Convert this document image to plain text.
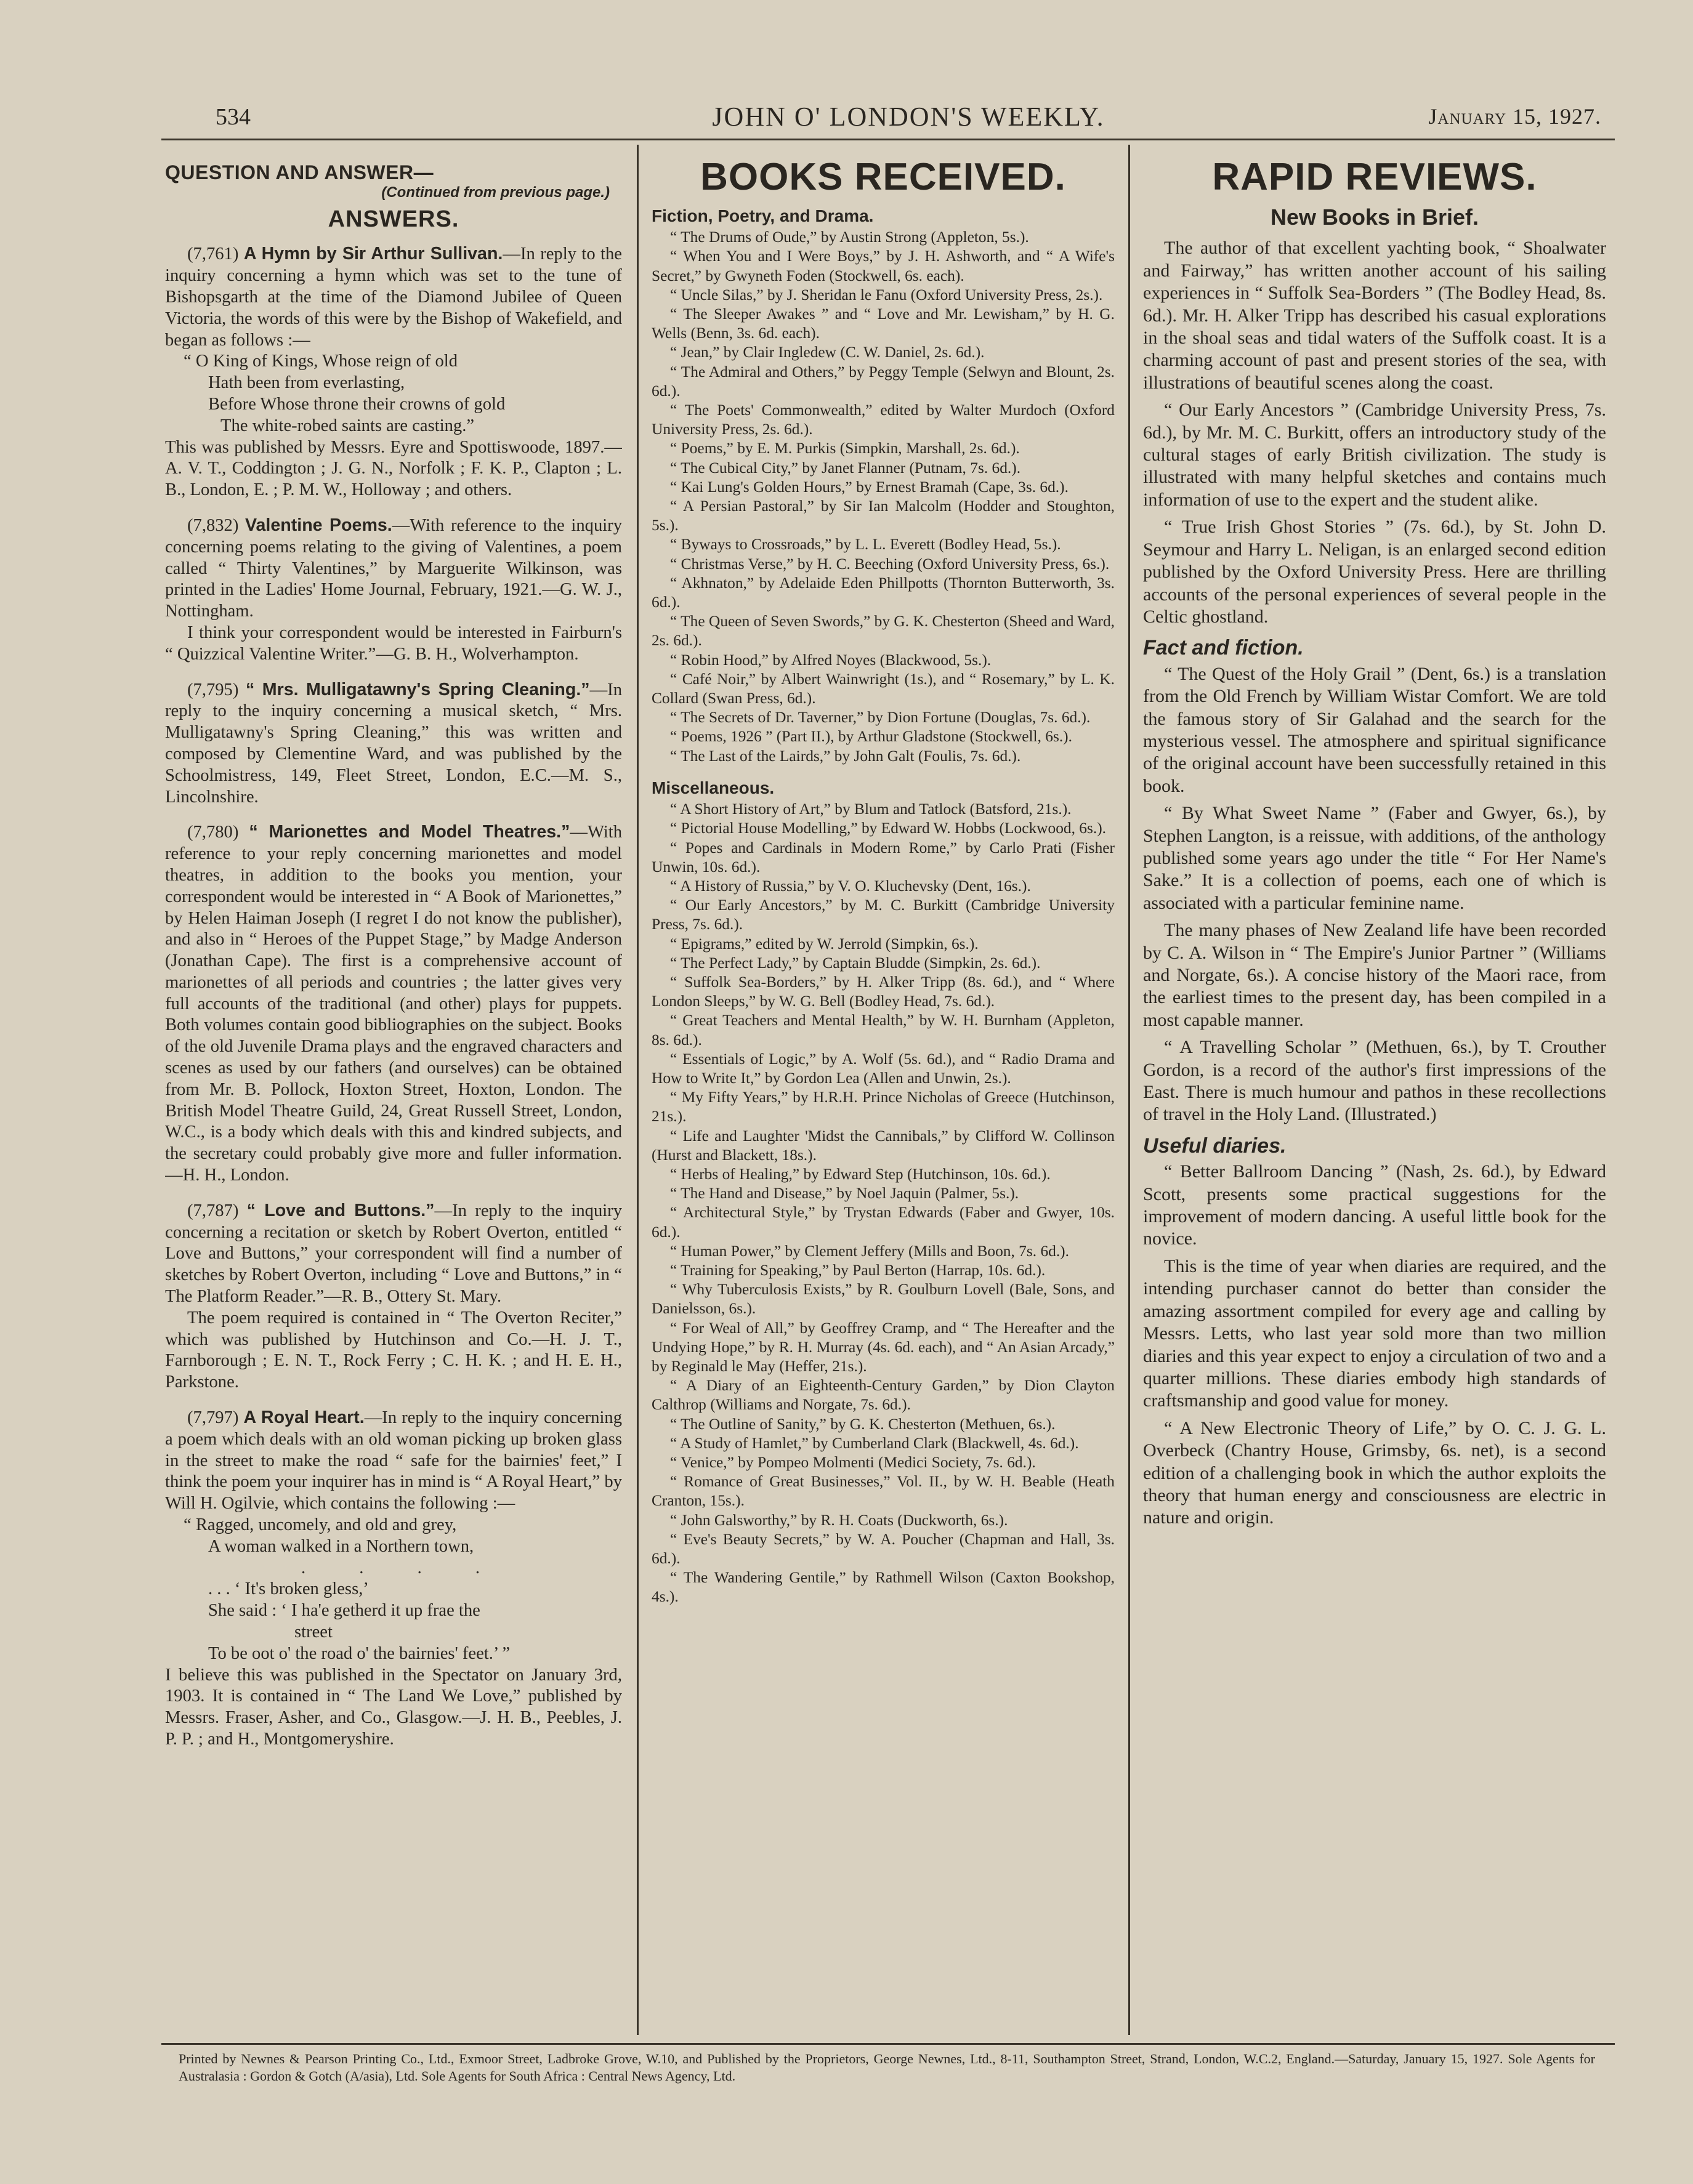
534	JOHN O' LONDON'S WEEKLY.	January 15, 1927.
QUESTION AND ANSWER—
(Continued from previous page.)
ANSWERS.

(7,761) A Hymn by Sir Arthur Sullivan.—In reply to the inquiry concerning a hymn which was set to the tune of Bishopsgarth at the time of the Diamond Jubilee of Queen Victoria, the words of this were by the Bishop of Wakefield, and began as follows :—

“ O King of Kings, Whose reign of old
Hath been from everlasting,
Before Whose throne their crowns of gold
The white-robed saints are casting.”

This was published by Messrs. Eyre and Spottiswoode, 1897.—A. V. T., Coddington ; J. G. N., Norfolk ; F. K. P., Clapton ; L. B., London, E. ; P. M. W., Holloway ; and others.

(7,832) Valentine Poems.—With reference to the inquiry concerning poems relating to the giving of Valentines, a poem called “ Thirty Valentines,” by Marguerite Wilkinson, was printed in the Ladies' Home Journal, February, 1921.—G. W. J., Nottingham.

I think your correspondent would be interested in Fairburn's “ Quizzical Valentine Writer.”—G. B. H., Wolverhampton.

(7,795) “ Mrs. Mulligatawny's Spring Cleaning.”—In reply to the inquiry concerning a musical sketch, “ Mrs. Mulligatawny's Spring Cleaning,” this was written and composed by Clementine Ward, and was published by the Schoolmistress, 149, Fleet Street, London, E.C.—M. S., Lincolnshire.

(7,780) “ Marionettes and Model Theatres.”—With reference to your reply concerning marionettes and model theatres, in addition to the books you mention, your correspondent would be interested in “ A Book of Marionettes,” by Helen Haiman Joseph (I regret I do not know the publisher), and also in “ Heroes of the Puppet Stage,” by Madge Anderson (Jonathan Cape). The first is a comprehensive account of marionettes of all periods and countries ; the latter gives very full accounts of the traditional (and other) plays for puppets. Both volumes contain good bibliographies on the subject. Books of the old Juvenile Drama plays and the engraved characters and scenes as used by our fathers (and ourselves) can be obtained from Mr. B. Pollock, Hoxton Street, Hoxton, London. The British Model Theatre Guild, 24, Great Russell Street, London, W.C., is a body which deals with this and kindred subjects, and the secretary could probably give more and fuller information.—H. H., London.

(7,787) “ Love and Buttons.”—In reply to the inquiry concerning a recitation or sketch by Robert Overton, entitled “ Love and Buttons,” your correspondent will find a number of sketches by Robert Overton, including “ Love and Buttons,” in “ The Platform Reader.”—R. B., Ottery St. Mary.

The poem required is contained in “ The Overton Reciter,” which was published by Hutchinson and Co.—H. J. T., Farnborough ; E. N. T., Rock Ferry ; C. H. K. ; and H. E. H., Parkstone.

(7,797) A Royal Heart.—In reply to the inquiry concerning a poem which deals with an old woman picking up broken glass in the street to make the road “ safe for the bairnies' feet,” I think the poem your inquirer has in mind is “ A Royal Heart,” by Will H. Ogilvie, which contains the following :—

“ Ragged, uncomely, and old and grey,
A woman walked in a Northern town,
. . . .
. . . ‘ It's broken gless,’
She said : ‘ I ha'e getherd it up frae the
street
To be oot o' the road o' the bairnies' feet.’ ”

I believe this was published in the Spectator on January 3rd, 1903. It is contained in “ The Land We Love,” published by Messrs. Fraser, Asher, and Co., Glasgow.—J. H. B., Peebles, J. P. P. ; and H., Montgomeryshire.

BOOKS RECEIVED.
Fiction, Poetry, and Drama.
“ The Drums of Oude,” by Austin Strong (Appleton, 5s.).
“ When You and I Were Boys,” by J. H. Ashworth, and “ A Wife's Secret,” by Gwyneth Foden (Stockwell, 6s. each).
“ Uncle Silas,” by J. Sheridan le Fanu (Oxford University Press, 2s.).
“ The Sleeper Awakes ” and “ Love and Mr. Lewisham,” by H. G. Wells (Benn, 3s. 6d. each).
“ Jean,” by Clair Ingledew (C. W. Daniel, 2s. 6d.).
“ The Admiral and Others,” by Peggy Temple (Selwyn and Blount, 2s. 6d.).
“ The Poets' Commonwealth,” edited by Walter Murdoch (Oxford University Press, 2s. 6d.).
“ Poems,” by E. M. Purkis (Simpkin, Marshall, 2s. 6d.).
“ The Cubical City,” by Janet Flanner (Putnam, 7s. 6d.).
“ Kai Lung's Golden Hours,” by Ernest Bramah (Cape, 3s. 6d.).
“ A Persian Pastoral,” by Sir Ian Malcolm (Hodder and Stoughton, 5s.).
“ Byways to Crossroads,” by L. L. Everett (Bodley Head, 5s.).
“ Christmas Verse,” by H. C. Beeching (Oxford University Press, 6s.).
“ Akhnaton,” by Adelaide Eden Phillpotts (Thornton Butterworth, 3s. 6d.).
“ The Queen of Seven Swords,” by G. K. Chesterton (Sheed and Ward, 2s. 6d.).
“ Robin Hood,” by Alfred Noyes (Blackwood, 5s.).
“ Café Noir,” by Albert Wainwright (1s.), and “ Rosemary,” by L. K. Collard (Swan Press, 6d.).
“ The Secrets of Dr. Taverner,” by Dion Fortune (Douglas, 7s. 6d.).
“ Poems, 1926 ” (Part II.), by Arthur Gladstone (Stockwell, 6s.).
“ The Last of the Lairds,” by John Galt (Foulis, 7s. 6d.).
Miscellaneous.
“ A Short History of Art,” by Blum and Tatlock (Batsford, 21s.).
“ Pictorial House Modelling,” by Edward W. Hobbs (Lockwood, 6s.).
“ Popes and Cardinals in Modern Rome,” by Carlo Prati (Fisher Unwin, 10s. 6d.).
“ A History of Russia,” by V. O. Kluchevsky (Dent, 16s.).
“ Our Early Ancestors,” by M. C. Burkitt (Cambridge University Press, 7s. 6d.).
“ Epigrams,” edited by W. Jerrold (Simpkin, 6s.).
“ The Perfect Lady,” by Captain Bludde (Simpkin, 2s. 6d.).
“ Suffolk Sea-Borders,” by H. Alker Tripp (8s. 6d.), and “ Where London Sleeps,” by W. G. Bell (Bodley Head, 7s. 6d.).
“ Great Teachers and Mental Health,” by W. H. Burnham (Appleton, 8s. 6d.).
“ Essentials of Logic,” by A. Wolf (5s. 6d.), and “ Radio Drama and How to Write It,” by Gordon Lea (Allen and Unwin, 2s.).
“ My Fifty Years,” by H.R.H. Prince Nicholas of Greece (Hutchinson, 21s.).
“ Life and Laughter 'Midst the Cannibals,” by Clifford W. Collinson (Hurst and Blackett, 18s.).
“ Herbs of Healing,” by Edward Step (Hutchinson, 10s. 6d.).
“ The Hand and Disease,” by Noel Jaquin (Palmer, 5s.).
“ Architectural Style,” by Trystan Edwards (Faber and Gwyer, 10s. 6d.).
“ Human Power,” by Clement Jeffery (Mills and Boon, 7s. 6d.).
“ Training for Speaking,” by Paul Berton (Harrap, 10s. 6d.).
“ Why Tuberculosis Exists,” by R. Goulburn Lovell (Bale, Sons, and Danielsson, 6s.).
“ For Weal of All,” by Geoffrey Cramp, and “ The Hereafter and the Undying Hope,” by R. H. Murray (4s. 6d. each), and “ An Asian Arcady,” by Reginald le May (Heffer, 21s.).
“ A Diary of an Eighteenth-Century Garden,” by Dion Clayton Calthrop (Williams and Norgate, 7s. 6d.).
“ The Outline of Sanity,” by G. K. Chesterton (Methuen, 6s.).
“ A Study of Hamlet,” by Cumberland Clark (Blackwell, 4s. 6d.).
“ Venice,” by Pompeo Molmenti (Medici Society, 7s. 6d.).
“ Romance of Great Businesses,” Vol. II., by W. H. Beable (Heath Cranton, 15s.).
“ John Galsworthy,” by R. H. Coats (Duckworth, 6s.).
“ Eve's Beauty Secrets,” by W. A. Poucher (Chapman and Hall, 3s. 6d.).
“ The Wandering Gentile,” by Rathmell Wilson (Caxton Bookshop, 4s.).
RAPID REVIEWS.
New Books in Brief.

The author of that excellent yachting book, “ Shoalwater and Fairway,” has written another account of his sailing experiences in “ Suffolk Sea-Borders ” (The Bodley Head, 8s. 6d.). Mr. H. Alker Tripp has described his casual explorations in the shoal seas and tidal waters of the Suffolk coast. It is a charming account of past and present stories of the sea, with illustrations of beautiful scenes along the coast.

“ Our Early Ancestors ” (Cambridge University Press, 7s. 6d.), by Mr. M. C. Burkitt, offers an introductory study of the cultural stages of early British civilization. The study is illustrated with many helpful sketches and contains much information of use to the expert and the student alike.

“ True Irish Ghost Stories ” (7s. 6d.), by St. John D. Seymour and Harry L. Neligan, is an enlarged second edition published by the Oxford University Press. Here are thrilling accounts of the personal experiences of several people in the Celtic ghostland.

Fact and fiction.

“ The Quest of the Holy Grail ” (Dent, 6s.) is a translation from the Old French by William Wistar Comfort. We are told the famous story of Sir Galahad and the search for the mysterious vessel. The atmosphere and spiritual significance of the original account have been successfully retained in this book.

“ By What Sweet Name ” (Faber and Gwyer, 6s.), by Stephen Langton, is a reissue, with additions, of the anthology published some years ago under the title “ For Her Name's Sake.” It is a collection of poems, each one of which is associated with a particular feminine name.

The many phases of New Zealand life have been recorded by C. A. Wilson in “ The Empire's Junior Partner ” (Williams and Norgate, 6s.). A concise history of the Maori race, from the earliest times to the present day, has been compiled in a most capable manner.

“ A Travelling Scholar ” (Methuen, 6s.), by T. Crouther Gordon, is a record of the author's first impressions of the East. There is much humour and pathos in these recollections of travel in the Holy Land. (Illustrated.)

Useful diaries.

“ Better Ballroom Dancing ” (Nash, 2s. 6d.), by Edward Scott, presents some practical suggestions for the improvement of modern dancing. A useful little book for the novice.

This is the time of year when diaries are required, and the intending purchaser cannot do better than consider the amazing assortment compiled for every age and calling by Messrs. Letts, who last year sold more than two million diaries and this year expect to enjoy a circulation of two and a quarter millions. These diaries embody high standards of craftsmanship and good value for money.

“ A New Electronic Theory of Life,” by O. C. J. G. L. Overbeck (Chantry House, Grimsby, 6s. net), is a second edition of a challenging book in which the author exploits the theory that human energy and consciousness are electric in nature and origin.

Printed by Newnes & Pearson Printing Co., Ltd., Exmoor Street, Ladbroke Grove, W.10, and Published by the Proprietors, George Newnes, Ltd., 8-11, Southampton Street, Strand, London, W.C.2, England.—Saturday, January 15, 1927. Sole Agents for Australasia : Gordon & Gotch (A/asia), Ltd. Sole Agents for South Africa : Central News Agency, Ltd.
